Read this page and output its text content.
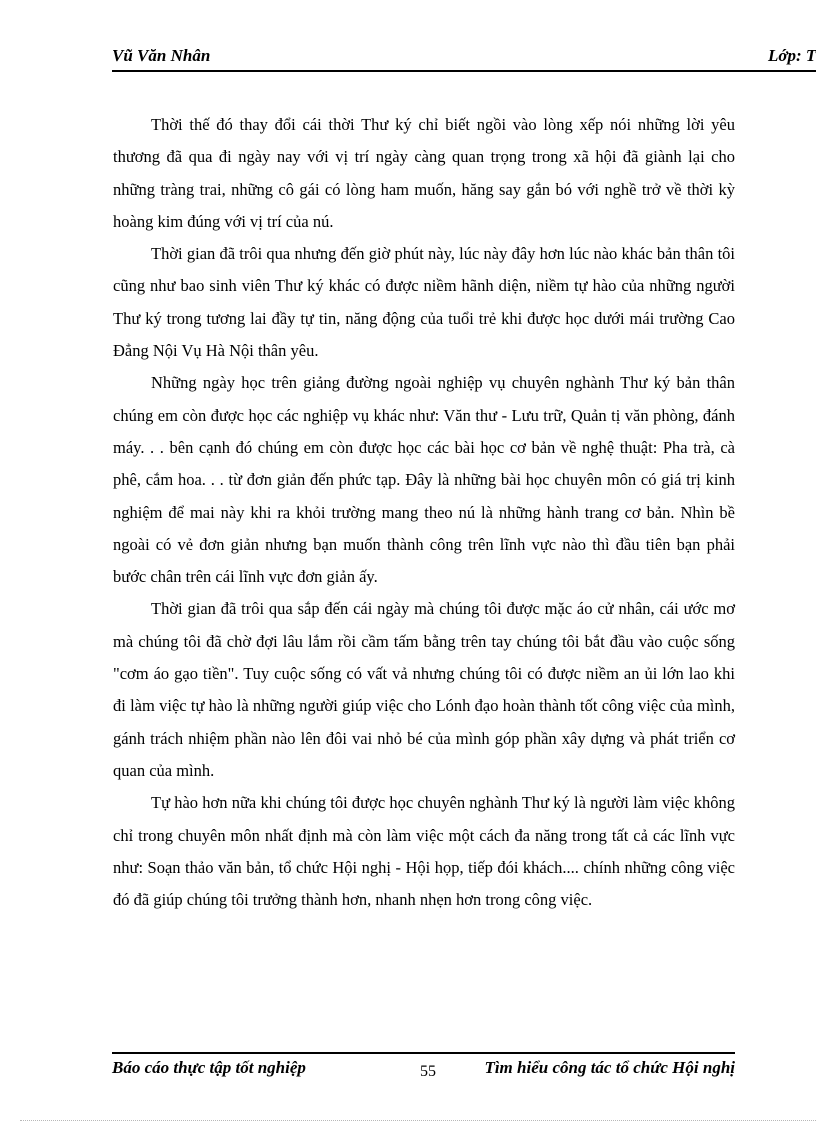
Vũ Văn Nhân	Lớp: T

Thời thế đó thay đổi cái thời Thư ký chỉ biết ngồi vào lòng xếp nói những lời yêu thương đã qua đi ngày nay với vị trí ngày càng quan trọng trong xã hội đã giành lại cho những tràng trai, những cô gái có lòng ham muốn, hăng say gắn bó với nghề trở về thời kỳ hoàng kim đúng với vị trí của nú.

Thời gian đã trôi qua nhưng đến giờ phút này, lúc này đây hơn lúc nào khác bản thân tôi cũng như bao sinh viên Thư ký khác có được niềm hãnh diện, niềm tự hào của những người Thư ký trong tương lai đầy tự tin, năng động của tuổi trẻ khi được học dưới mái trường Cao Đẳng Nội Vụ Hà Nội thân yêu.

Những ngày học trên giảng đường ngoài nghiệp vụ chuyên nghành Thư ký bản thân chúng em còn được học các nghiệp vụ khác như: Văn thư - Lưu trữ, Quản tị văn phòng, đánh máy. . . bên cạnh đó chúng em còn được học các bài học cơ bản về nghệ thuật: Pha trà, cà phê, cắm hoa. . . từ đơn giản đến phức tạp. Đây là những bài học chuyên môn có giá trị kinh nghiệm để mai này khi ra khỏi trường mang theo nú là những hành trang cơ bản. Nhìn bề ngoài có vẻ đơn giản nhưng bạn muốn thành công trên lĩnh vực nào thì đầu tiên bạn phải bước chân trên cái lĩnh vực đơn giản ấy.

Thời gian đã trôi qua sắp đến cái ngày mà chúng tôi được mặc áo cử nhân, cái ước mơ mà chúng tôi đã chờ đợi lâu lắm rồi cầm tấm bằng trên tay chúng tôi bắt đầu vào cuộc sống "cơm áo gạo tiền". Tuy cuộc sống có vất vả nhưng chúng tôi có được niềm an ủi lớn lao khi đi làm việc tự hào là những người giúp việc cho Lónh đạo hoàn thành tốt công việc của mình, gánh trách nhiệm phần nào lên đôi vai nhỏ bé của mình góp phần xây dựng và phát triển cơ quan của mình.

Tự hào hơn nữa khi chúng tôi được học chuyên nghành Thư ký là người làm việc không chỉ trong chuyên môn nhất định mà còn làm việc một cách đa năng trong tất cả các lĩnh vực như: Soạn thảo văn bản, tổ chức Hội nghị - Hội họp, tiếp đói khách.... chính những công việc đó đã giúp chúng tôi trưởng thành hơn, nhanh nhẹn hơn trong công việc.

Báo cáo thực tập tốt nghiệp	55	Tìm hiểu công tác tổ chức Hội nghị
